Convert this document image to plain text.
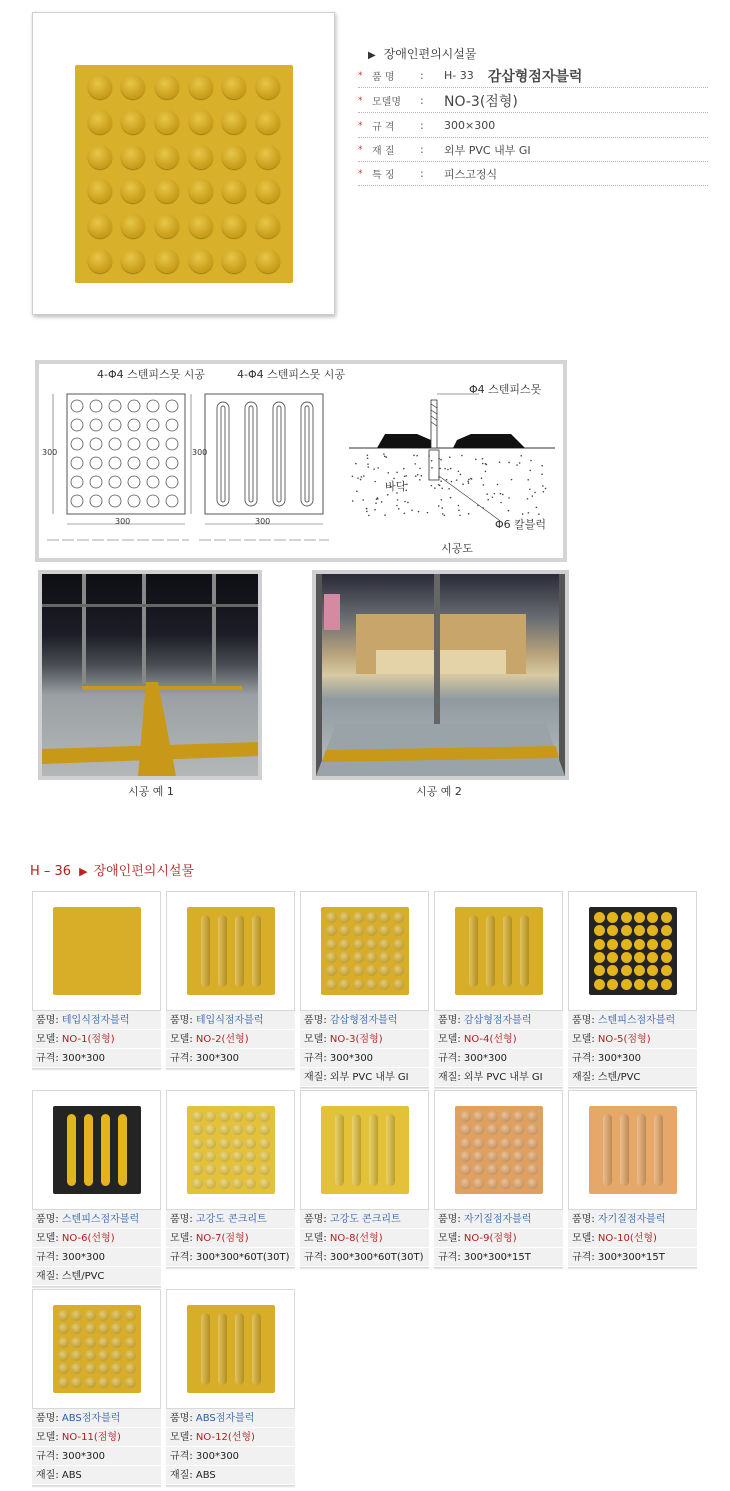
▶ 장애인편의시설물
* 품 명	:	H- 33 감삽형점자블럭
* 모델명	:	NO-3(점형)
* 규 격	:	300×300
* 재 질	:	외부 PVC 내부 GI
* 특 징	:	피스고정식
4-Φ4 스텐피스못 시공	4-Φ4 스텐피스못 시공
Φ4 스텐피스못
바닥
Φ6 칼블럭
시공도
300	300
300	300
시공 예 1	시공 예 2
H – 36 ▶ 장애인편의시설물
품명: 테입식점자블럭
모델: NO-1(점형)
규격: 300*300
품명: 테입식점자블럭
모델: NO-2(선형)
규격: 300*300
품명: 감삽형점자블럭
모델: NO-3(점형)
규격: 300*300
재질: 외부 PVC 내부 GI
품명: 감삽형점자블럭
모델: NO-4(선형)
규격: 300*300
재질: 외부 PVC 내부 GI
품명: 스텐피스점자블럭
모델: NO-5(점형)
규격: 300*300
재질: 스텐/PVC
품명: 스텐피스점자블럭
모델: NO-6(선형)
규격: 300*300
재질: 스텐/PVC
품명: 고강도 콘크리트
모델: NO-7(점형)
규격: 300*300*60T(30T)
품명: 고강도 콘크리트
모델: NO-8(선형)
규격: 300*300*60T(30T)
품명: 자기질점자블럭
모델: NO-9(점형)
규격: 300*300*15T
품명: 자기질점자블럭
모델: NO-10(선형)
규격: 300*300*15T
품명: ABS점자블럭
모델: NO-11(점형)
규격: 300*300
재질: ABS
품명: ABS점자블럭
모델: NO-12(선형)
규격: 300*300
재질: ABS
